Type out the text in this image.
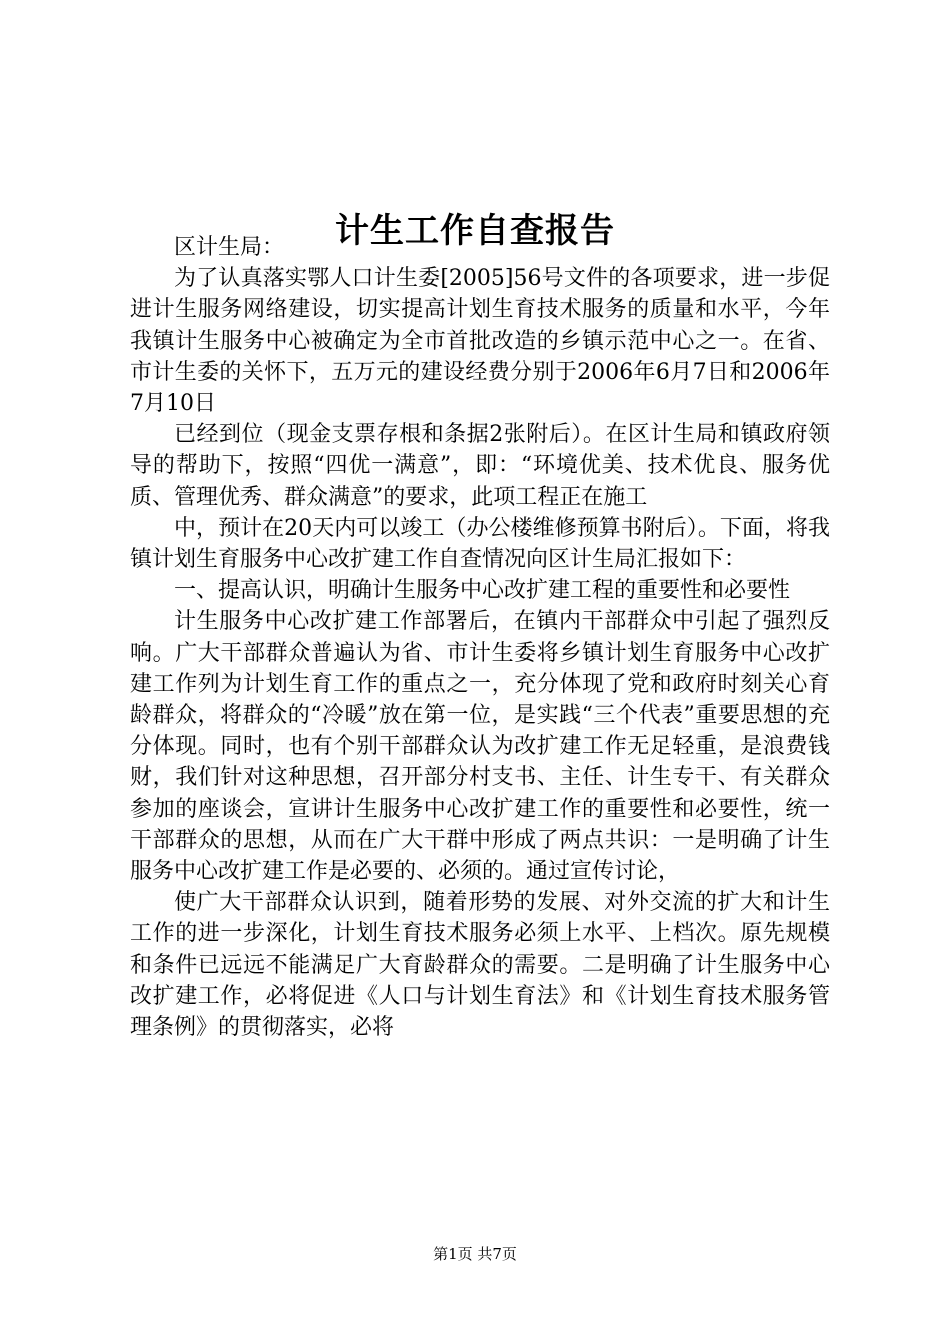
计生工作自查报告

区计生局：

为了认真落实鄂人口计生委[2005]56号文件的各项要求，进一步促进计生服务网络建设，切实提高计划生育技术服务的质量和水平，今年我镇计生服务中心被确定为全市首批改造的乡镇示范中心之一。在省、市计生委的关怀下，五万元的建设经费分别于2006年6月7日和2006年7月10日

已经到位（现金支票存根和条据2张附后）。在区计生局和镇政府领导的帮助下，按照“四优一满意”，即：“环境优美、技术优良、服务优质、管理优秀、群众满意”的要求，此项工程正在施工

中，预计在20天内可以竣工（办公楼维修预算书附后）。下面，将我镇计划生育服务中心改扩建工作自查情况向区计生局汇报如下：

一、提高认识，明确计生服务中心改扩建工程的重要性和必要性

计生服务中心改扩建工作部署后，在镇内干部群众中引起了强烈反响。广大干部群众普遍认为省、市计生委将乡镇计划生育服务中心改扩建工作列为计划生育工作的重点之一，充分体现了党和政府时刻关心育龄群众，将群众的“冷暖”放在第一位，是实践“三个代表”重要思想的充分体现。同时，也有个别干部群众认为改扩建工作无足轻重，是浪费钱财，我们针对这种思想，召开部分村支书、主任、计生专干、有关群众参加的座谈会，宣讲计生服务中心改扩建工作的重要性和必要性，统一干部群众的思想，从而在广大干群中形成了两点共识：一是明确了计生服务中心改扩建工作是必要的、必须的。通过宣传讨论，

使广大干部群众认识到，随着形势的发展、对外交流的扩大和计生工作的进一步深化，计划生育技术服务必须上水平、上档次。原先规模和条件已远远不能满足广大育龄群众的需要。二是明确了计生服务中心改扩建工作，必将促进《人口与计划生育法》和《计划生育技术服务管理条例》的贯彻落实，必将

第1页 共7页
